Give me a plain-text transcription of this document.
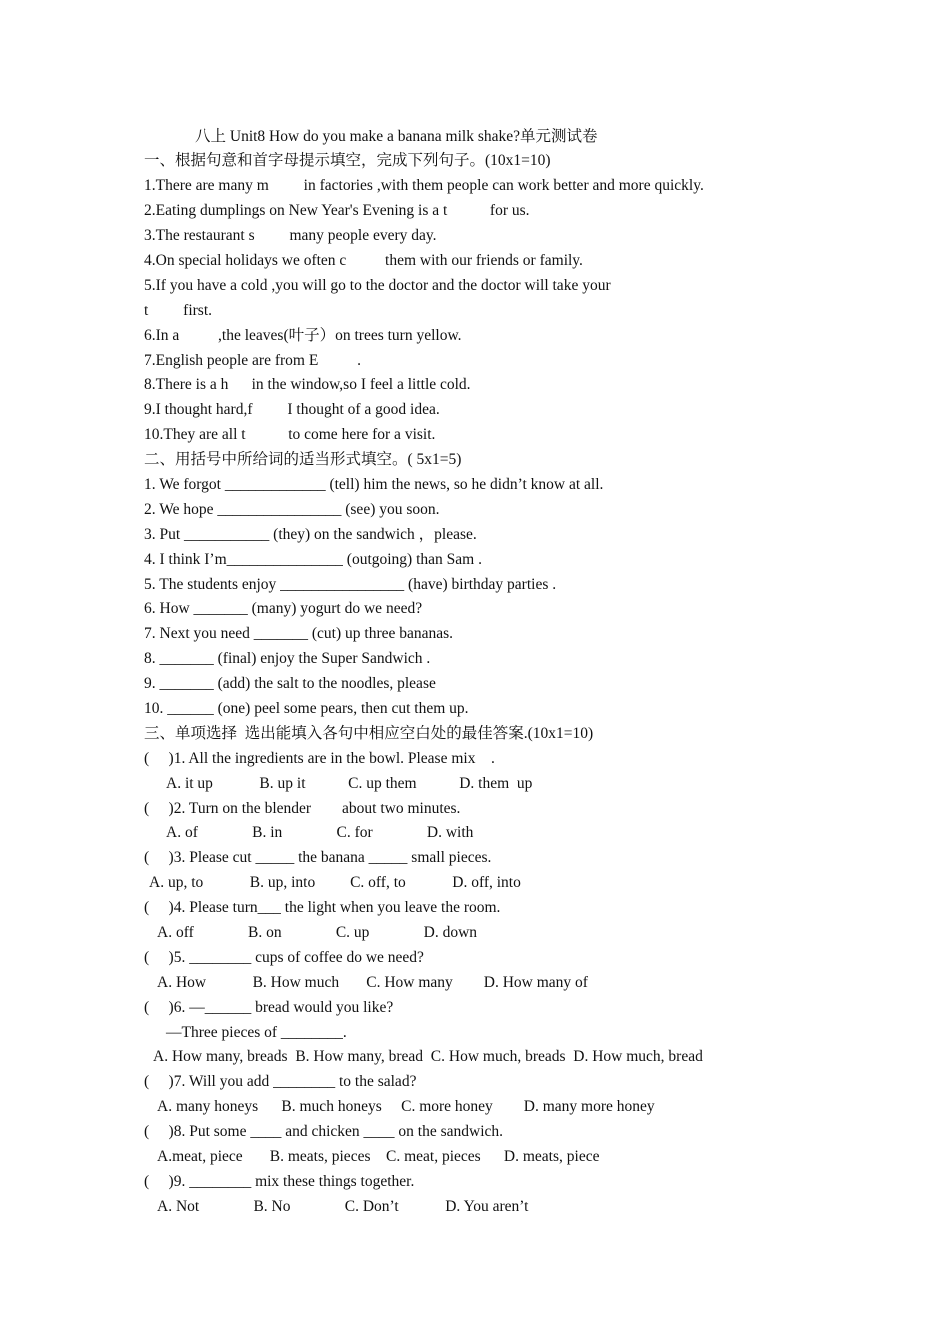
八上 Unit8 How do you make a banana milk shake?单元测试卷
一、根据句意和首字母提示填空，完成下列句子。(10x1=10)
1.There are many m         in factories ,with them people can work better and more quickly.
2.Eating dumplings on New Year's Evening is a t           for us.
3.The restaurant s         many people every day.
4.On special holidays we often c          them with our friends or family.
5.If you have a cold ,you will go to the doctor and the doctor will take your
t         first.
6.In a          ,the leaves(叶子）on trees turn yellow.
7.English people are from E          .
8.There is a h      in the window,so I feel a little cold.
9.I thought hard,f         I thought of a good idea.
10.They are all t           to come here for a visit.
二、用括号中所给词的适当形式填空。( 5x1=5)
1. We forgot _____________ (tell) him the news, so he didn’t know at all.
2. We hope ________________ (see) you soon.
3. Put ___________ (they) on the sandwich ，please.
4. I think I’m_______________ (outgoing) than Sam .
5. The students enjoy ________________ (have) birthday parties .
6. How _______ (many) yogurt do we need?
7. Next you need _______ (cut) up three bananas.
8. _______ (final) enjoy the Super Sandwich .
9. _______ (add) the salt to the noodles, please
10. ______ (one) peel some pears, then cut them up.
三、单项选择  选出能填入各句中相应空白处的最佳答案.(10x1=10)
(     )1. All the ingredients are in the bowl. Please mix    .
A. it up            B. up it           C. up them           D. them  up
(     )2. Turn on the blender        about two minutes.
A. of              B. in              C. for              D. with
(     )3. Please cut _____ the banana _____ small pieces.
A. up, to            B. up, into         C. off, to            D. off, into
(     )4. Please turn___ the light when you leave the room.
A. off              B. on              C. up              D. down
(     )5. ________ cups of coffee do we need?
A. How            B. How much       C. How many        D. How many of
(     )6. —______ bread would you like?
—Three pieces of ________.
A. How many, breads  B. How many, bread  C. How much, breads  D. How much, bread
(     )7. Will you add ________ to the salad?
A. many honeys      B. much honeys     C. more honey        D. many more honey
(     )8. Put some ____ and chicken ____ on the sandwich.
A.meat, piece       B. meats, pieces    C. meat, pieces      D. meats, piece
(     )9. ________ mix these things together.
A. Not              B. No              C. Don’t            D. You aren’t
